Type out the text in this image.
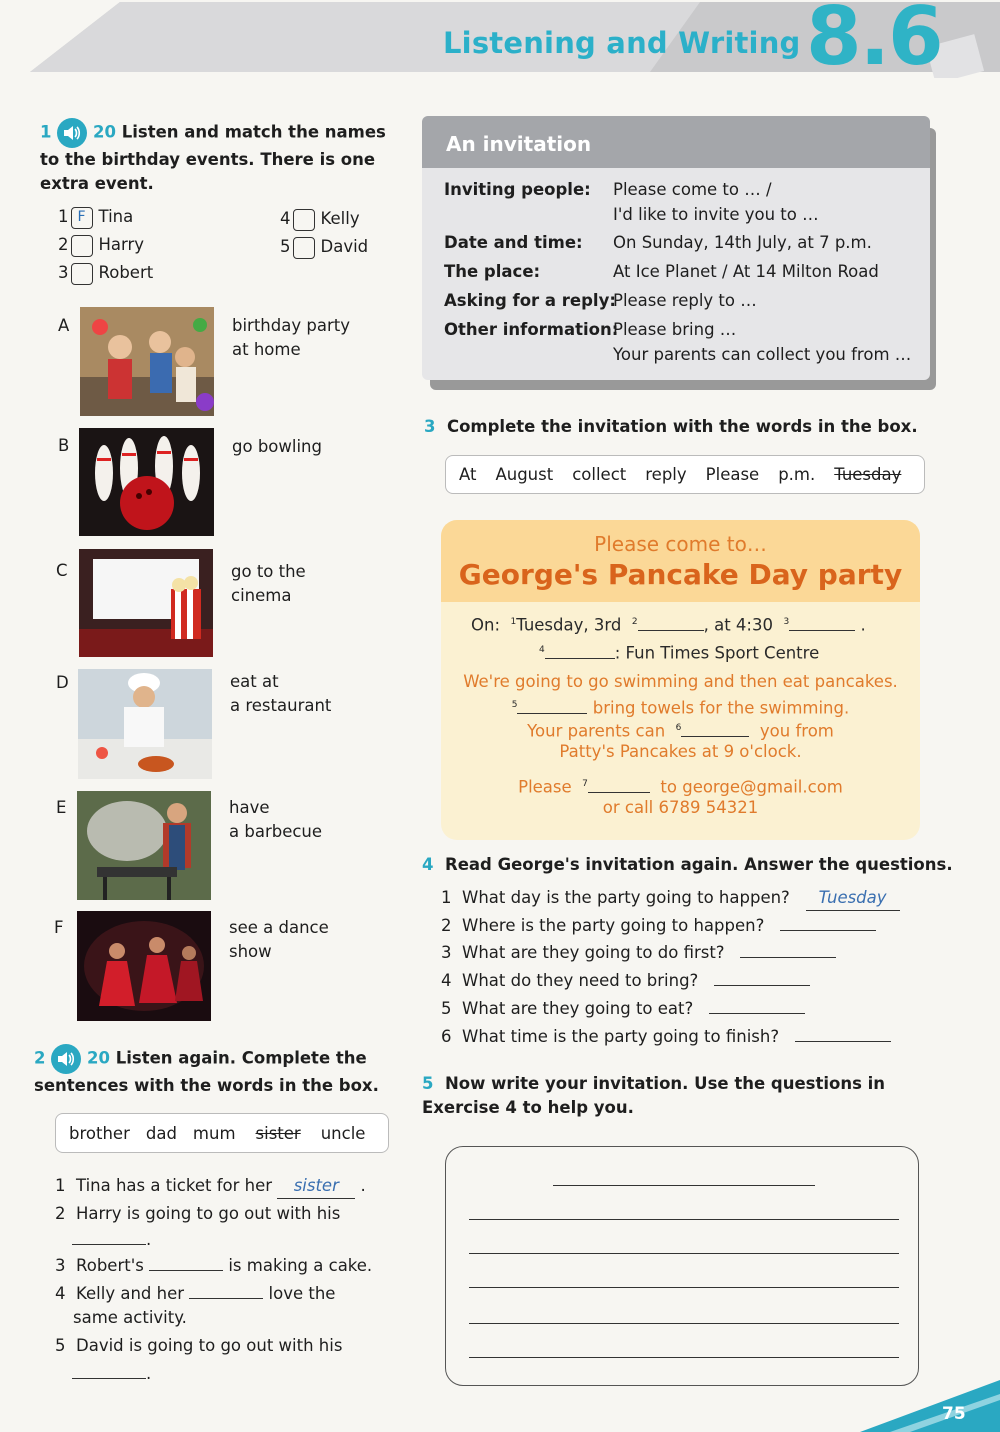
Listening and Writing 8.6
1	20 Listen and match the names to the birthday events. There is one extra event.
1 F Tina
2 Harry
3 Robert
4 Kelly
5 David
A	birthday party
at home
B	go bowling
C	go to the
cinema
D	eat at
a restaurant
E	have
a barbecue
F	see a dance
show
2	20 Listen again. Complete the sentences with the words in the box.
brother dad mum sister uncle
1 Tina has a ticket for her sister .
2 Harry is going to go out with his
.
3 Robert's	is making a cake.
4 Kelly and her	love the
same activity.
5 David is going to go out with his
.
An invitation
Inviting people: Please come to … /
I'd like to invite you to …
Date and time: On Sunday, 14th July, at 7 p.m.
The place:	At Ice Planet / At 14 Milton Road
Asking for a reply:
Please reply to …
Other information:
Please bring …
Your parents can collect you from …
3 Complete the invitation with the words in the box.
At August collect reply Please p.m. Tuesday
Please come to…
George's Pancake Day party
On: $^1$Tuesday, 3rd $^2$	, at 4:30 $^3$	.
$^4$	: Fun Times Sport Centre
We're going to go swimming and then eat pancakes.
$^5$	bring towels for the swimming.
Your parents can $^6$	you from
Patty's Pancakes at 9 o'clock.
Please $^7$	to george@gmail.com
or call 6789 54321
4 Read George's invitation again. Answer the questions.
1 What day is the party going to happen? Tuesday
2 Where is the party going to happen?
3 What are they going to do first?
4 What do they need to bring?
5 What are they going to eat?
6 What time is the party going to finish?
5 Now write your invitation. Use the questions in Exercise 4 to help you.
75
